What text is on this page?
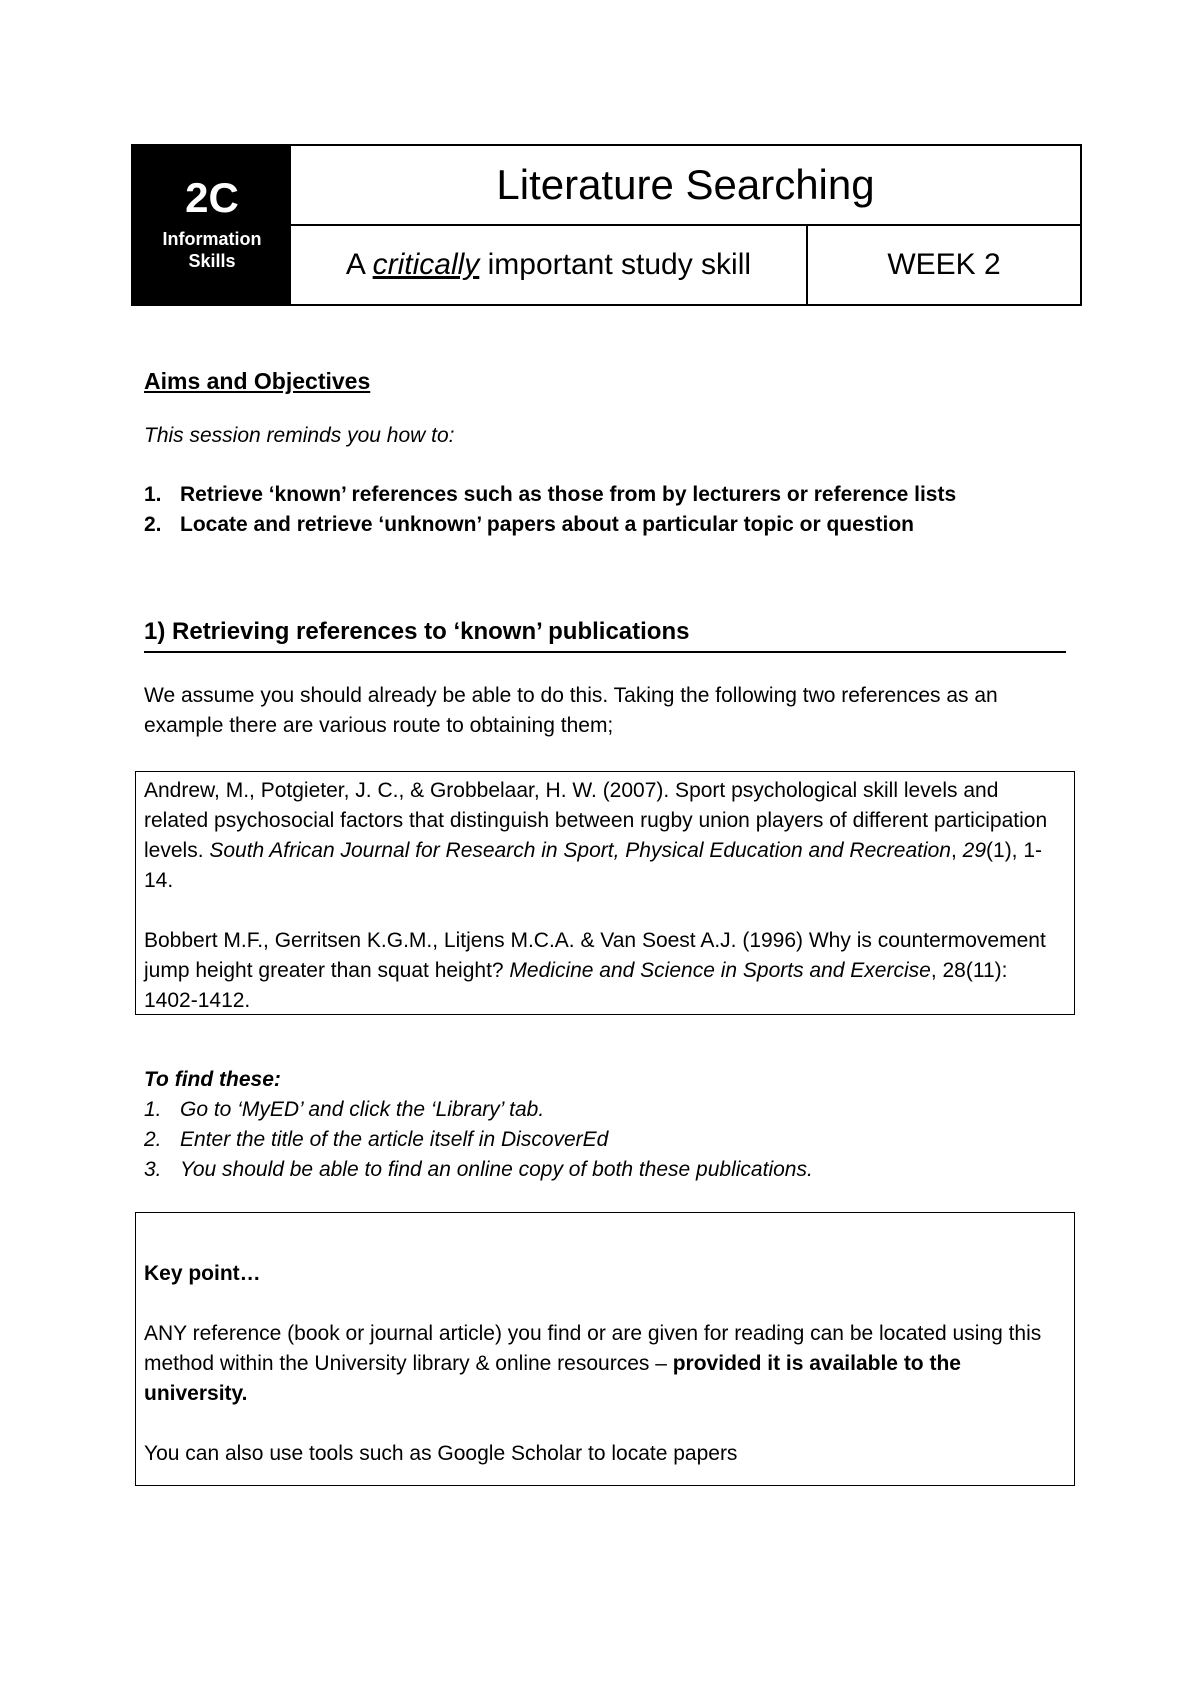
2C
Information
Skills
Literature Searching
A critically important study skill	WEEK 2
Aims and Objectives
This session reminds you how to:
1. Retrieve ‘known’ references such as those from by lecturers or reference lists
2. Locate and retrieve ‘unknown’ papers about a particular topic or question
1) Retrieving references to ‘known’ publications
We assume you should already be able to do this. Taking the following two references as an example there are various route to obtaining them;

Andrew, M., Potgieter, J. C., & Grobbelaar, H. W. (2007). Sport psychological skill levels and related psychosocial factors that distinguish between rugby union players of different participation levels. South African Journal for Research in Sport, Physical Education and Recreation, 29(1), 1-14.

Bobbert M.F., Gerritsen K.G.M., Litjens M.C.A. & Van Soest A.J. (1996) Why is countermovement jump height greater than squat height? Medicine and Science in Sports and Exercise, 28(11): 1402-1412.

To find these:
1. Go to ‘MyED’ and click the ‘Library’ tab.
2. Enter the title of the article itself in DiscoverEd
3. You should be able to find an online copy of both these publications.

Key point…

ANY reference (book or journal article) you find or are given for reading can be located using this method within the University library & online resources – provided it is available to the university.

You can also use tools such as Google Scholar to locate papers
